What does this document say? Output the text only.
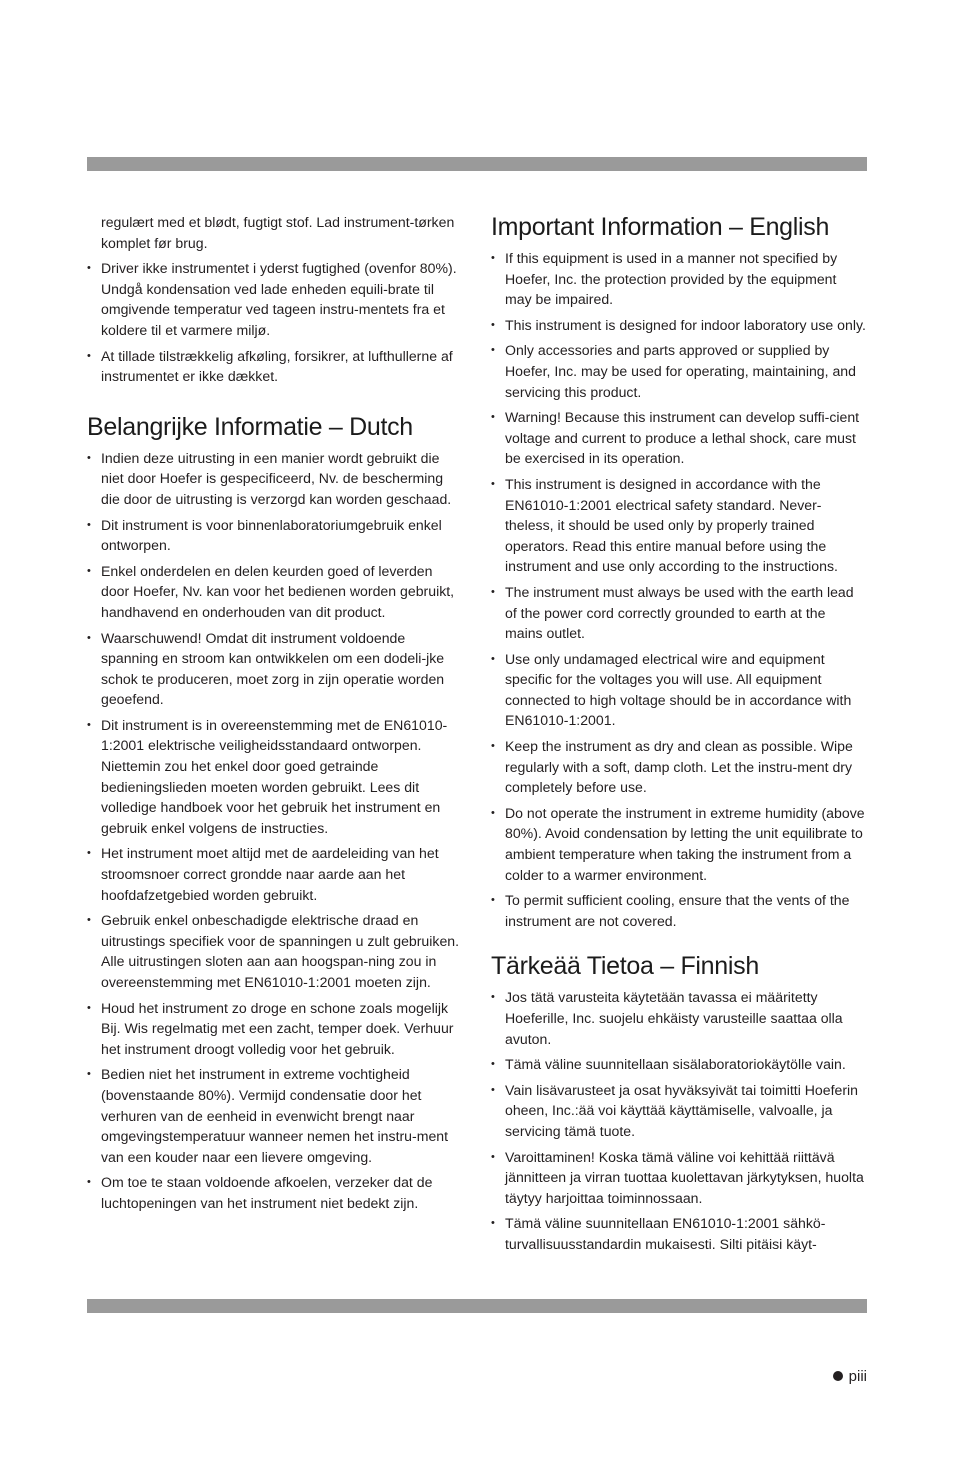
regulært med et blødt, fugtigt stof. Lad instrument-tørken komplet før brug.
• Driver ikke instrumentet i yderst fugtighed (ovenfor 80%). Undgå kondensation ved lade enheden equili-brate til omgivende temperatur ved tageen instru-mentets fra et koldere til et varmere miljø.
• At tillade tilstrækkelig afkøling, forsikrer, at lufthullerne af instrumentet er ikke dækket.
Belangrijke Informatie – Dutch
• Indien deze uitrusting in een manier wordt gebruikt die niet door Hoefer is gespecificeerd, Nv. de bescherming die door de uitrusting is verzorgd kan worden geschaad.
• Dit instrument is voor binnenlaboratoriumgebruik enkel ontworpen.
• Enkel onderdelen en delen keurden goed of leverden door Hoefer, Nv. kan voor het bedienen worden gebruikt, handhavend en onderhouden van dit product.
• Waarschuwend! Omdat dit instrument voldoende spanning en stroom kan ontwikkelen om een dodeli-jke schok te produceren, moet zorg in zijn operatie worden geoefend.
• Dit instrument is in overeenstemming met de EN61010-1:2001 elektrische veiligheidsstandaard ontworpen. Niettemin zou het enkel door goed getrainde bedieningslieden moeten worden gebruikt. Lees dit volledige handboek voor het gebruik het instrument en gebruik enkel volgens de instructies.
• Het instrument moet altijd met de aardeleiding van het stroomsnoer correct grondde naar aarde aan het hoofdafzetgebied worden gebruikt.
• Gebruik enkel onbeschadigde elektrische draad en uitrustings specifiek voor de spanningen u zult gebruiken. Alle uitrustingen sloten aan aan hoogspan-ning zou in overeenstemming met EN61010-1:2001 moeten zijn.
• Houd het instrument zo droge en schone zoals mogelijk Bij. Wis regelmatig met een zacht, temper doek. Verhuur het instrument droogt volledig voor het gebruik.
• Bedien niet het instrument in extreme vochtigheid (bovenstaande 80%). Vermijd condensatie door het verhuren van de eenheid in evenwicht brengt naar omgevingstemperatuur wanneer nemen het instru-ment van een kouder naar een lievere omgeving.
• Om toe te staan voldoende afkoelen, verzeker dat de luchtopeningen van het instrument niet bedekt zijn.
Important Information – English
• If this equipment is used in a manner not specified by Hoefer, Inc. the protection provided by the equipment may be impaired.
• This instrument is designed for indoor laboratory use only.
• Only accessories and parts approved or supplied by Hoefer, Inc. may be used for operating, maintaining, and servicing this product.
• Warning! Because this instrument can develop suffi-cient voltage and current to produce a lethal shock, care must be exercised in its operation.
• This instrument is designed in accordance with the EN61010-1:2001 electrical safety standard. Never-theless, it should be used only by properly trained operators. Read this entire manual before using the instrument and use only according to the instructions.
• The instrument must always be used with the earth lead of the power cord correctly grounded to earth at the mains outlet.
• Use only undamaged electrical wire and equipment specific for the voltages you will use. All equipment connected to high voltage should be in accordance with EN61010-1:2001.
• Keep the instrument as dry and clean as possible. Wipe regularly with a soft, damp cloth. Let the instru-ment dry completely before use.
• Do not operate the instrument in extreme humidity (above 80%). Avoid condensation by letting the unit equilibrate to ambient temperature when taking the instrument from a colder to a warmer environment.
• To permit sufficient cooling, ensure that the vents of the instrument are not covered.
Tärkeää Tietoa – Finnish
• Jos tätä varusteita käytetään tavassa ei määritetty Hoeferille, Inc. suojelu ehkäisty varusteille saattaa olla avuton.
• Tämä väline suunnitellaan sisälaboratoriokäytölle vain.
• Vain lisävarusteet ja osat hyväksyivät tai toimitti Hoeferin oheen, Inc.:ää voi käyttää käyttämiselle, valvoalle, ja servicing tämä tuote.
• Varoittaminen! Koska tämä väline voi kehittää riittävä jännitteen ja virran tuottaa kuolettavan järkytyksen, huolta täytyy harjoittaa toiminnossaan.
• Tämä väline suunnitellaan EN61010-1:2001 sähkö-turvallisuusstandardin mukaisesti. Silti pitäisi käyt-
piii
